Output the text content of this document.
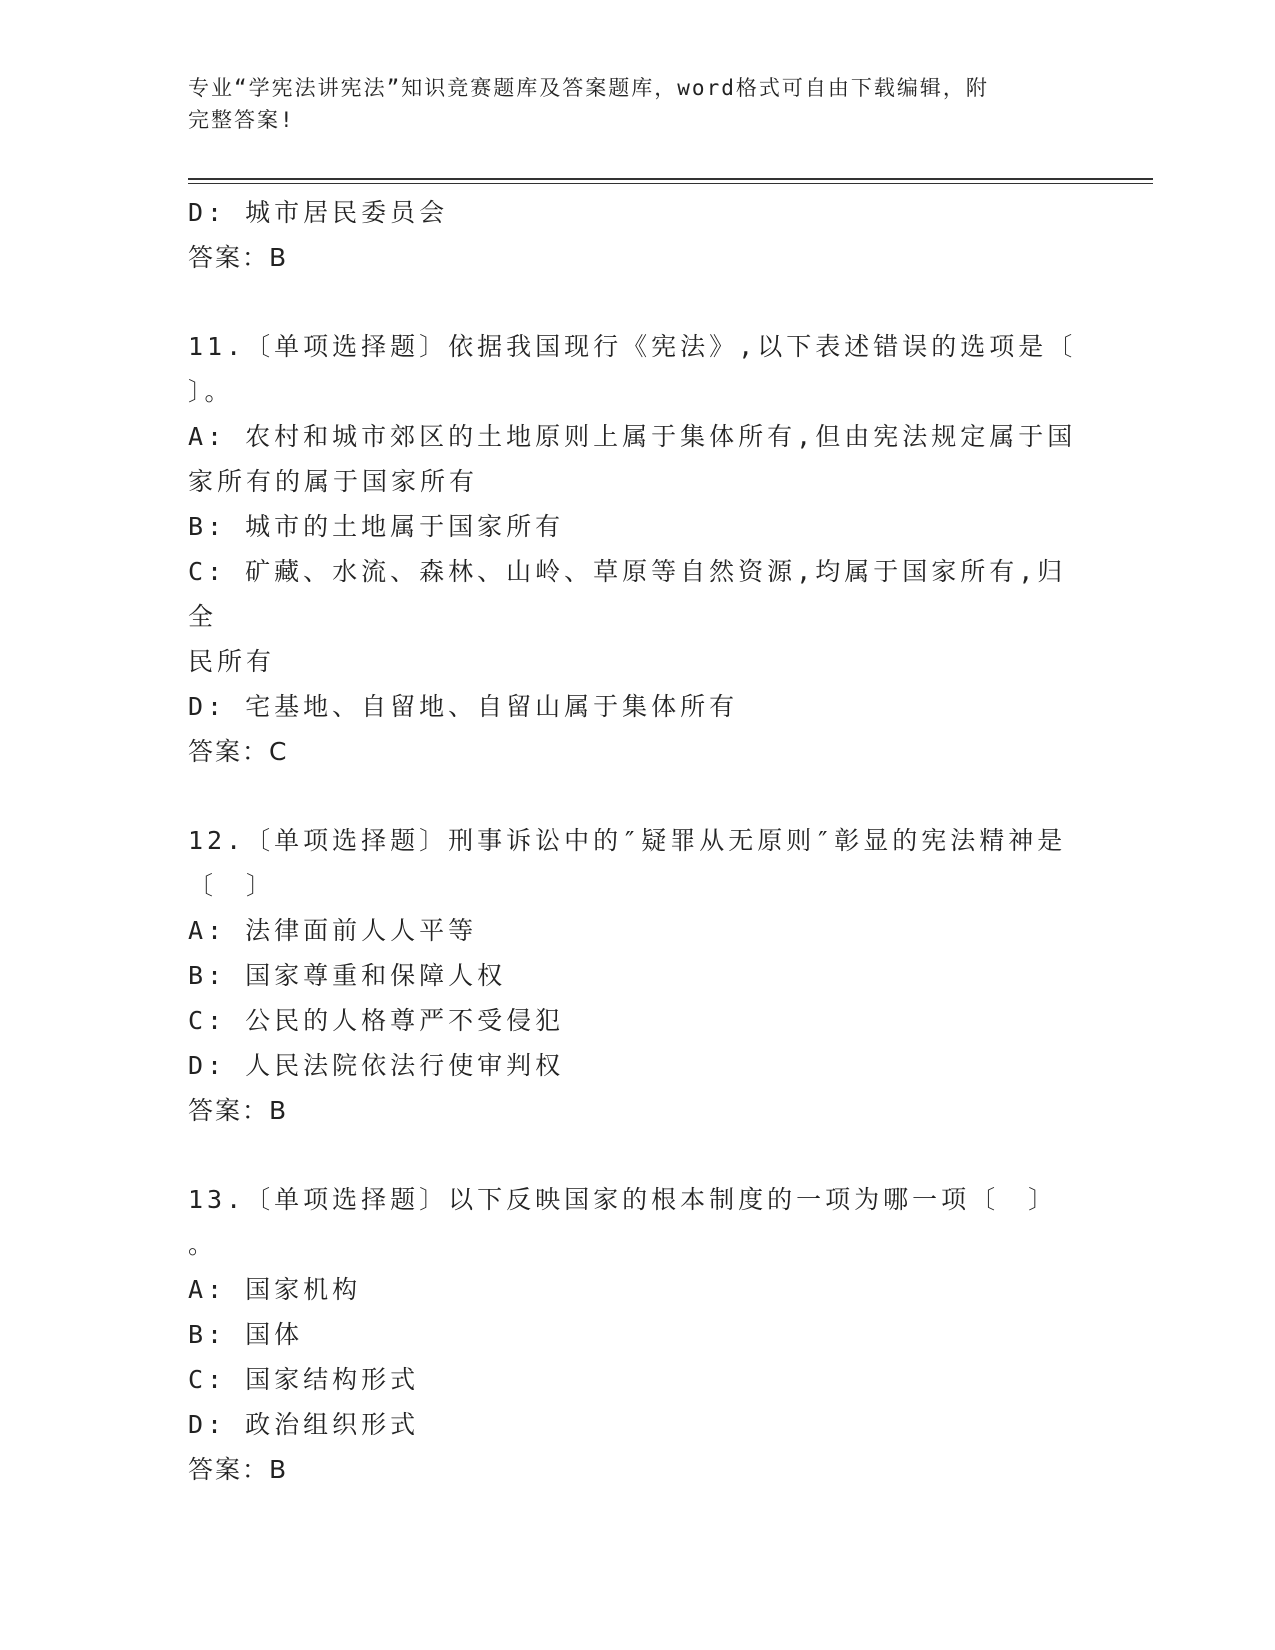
专业“学宪法讲宪法”知识竞赛题库及答案题库，word格式可自由下载编辑，附
完整答案!

D: 城市居民委员会

答案：B

11.〔单项选择题〕依据我国现行《宪法》,以下表述错误的选项是〔

〕。

A: 农村和城市郊区的土地原则上属于集体所有,但由宪法规定属于国

家所有的属于国家所有

B: 城市的土地属于国家所有

C: 矿藏、水流、森林、山岭、草原等自然资源,均属于国家所有,归全

民所有

D: 宅基地、自留地、自留山属于集体所有

答案：C

12.〔单项选择题〕刑事诉讼中的″疑罪从无原则″彰显的宪法精神是

〔　〕

A: 法律面前人人平等

B: 国家尊重和保障人权

C: 公民的人格尊严不受侵犯

D: 人民法院依法行使审判权

答案：B

13.〔单项选择题〕以下反映国家的根本制度的一项为哪一项〔　〕

。

A: 国家机构

B: 国体

C: 国家结构形式

D: 政治组织形式

答案：B
